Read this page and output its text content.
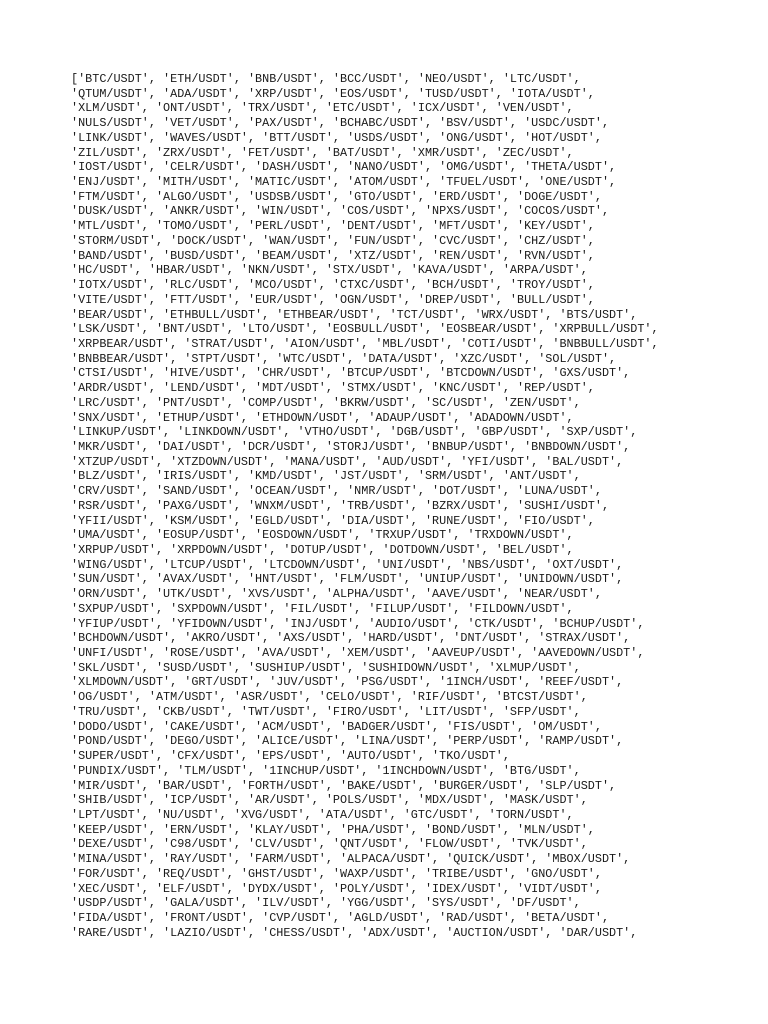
['BTC/USDT', 'ETH/USDT', 'BNB/USDT', 'BCC/USDT', 'NEO/USDT', 'LTC/USDT',
'QTUM/USDT', 'ADA/USDT', 'XRP/USDT', 'EOS/USDT', 'TUSD/USDT', 'IOTA/USDT',
'XLM/USDT', 'ONT/USDT', 'TRX/USDT', 'ETC/USDT', 'ICX/USDT', 'VEN/USDT',
'NULS/USDT', 'VET/USDT', 'PAX/USDT', 'BCHABC/USDT', 'BSV/USDT', 'USDC/USDT',
'LINK/USDT', 'WAVES/USDT', 'BTT/USDT', 'USDS/USDT', 'ONG/USDT', 'HOT/USDT',
'ZIL/USDT', 'ZRX/USDT', 'FET/USDT', 'BAT/USDT', 'XMR/USDT', 'ZEC/USDT',
'IOST/USDT', 'CELR/USDT', 'DASH/USDT', 'NANO/USDT', 'OMG/USDT', 'THETA/USDT',
'ENJ/USDT', 'MITH/USDT', 'MATIC/USDT', 'ATOM/USDT', 'TFUEL/USDT', 'ONE/USDT',
'FTM/USDT', 'ALGO/USDT', 'USDSB/USDT', 'GTO/USDT', 'ERD/USDT', 'DOGE/USDT',
'DUSK/USDT', 'ANKR/USDT', 'WIN/USDT', 'COS/USDT', 'NPXS/USDT', 'COCOS/USDT',
'MTL/USDT', 'TOMO/USDT', 'PERL/USDT', 'DENT/USDT', 'MFT/USDT', 'KEY/USDT',
'STORM/USDT', 'DOCK/USDT', 'WAN/USDT', 'FUN/USDT', 'CVC/USDT', 'CHZ/USDT',
'BAND/USDT', 'BUSD/USDT', 'BEAM/USDT', 'XTZ/USDT', 'REN/USDT', 'RVN/USDT',
'HC/USDT', 'HBAR/USDT', 'NKN/USDT', 'STX/USDT', 'KAVA/USDT', 'ARPA/USDT',
'IOTX/USDT', 'RLC/USDT', 'MCO/USDT', 'CTXC/USDT', 'BCH/USDT', 'TROY/USDT',
'VITE/USDT', 'FTT/USDT', 'EUR/USDT', 'OGN/USDT', 'DREP/USDT', 'BULL/USDT',
'BEAR/USDT', 'ETHBULL/USDT', 'ETHBEAR/USDT', 'TCT/USDT', 'WRX/USDT', 'BTS/USDT',
'LSK/USDT', 'BNT/USDT', 'LTO/USDT', 'EOSBULL/USDT', 'EOSBEAR/USDT', 'XRPBULL/USDT',
'XRPBEAR/USDT', 'STRAT/USDT', 'AION/USDT', 'MBL/USDT', 'COTI/USDT', 'BNBBULL/USDT',
'BNBBEAR/USDT', 'STPT/USDT', 'WTC/USDT', 'DATA/USDT', 'XZC/USDT', 'SOL/USDT',
'CTSI/USDT', 'HIVE/USDT', 'CHR/USDT', 'BTCUP/USDT', 'BTCDOWN/USDT', 'GXS/USDT',
'ARDR/USDT', 'LEND/USDT', 'MDT/USDT', 'STMX/USDT', 'KNC/USDT', 'REP/USDT',
'LRC/USDT', 'PNT/USDT', 'COMP/USDT', 'BKRW/USDT', 'SC/USDT', 'ZEN/USDT',
'SNX/USDT', 'ETHUP/USDT', 'ETHDOWN/USDT', 'ADAUP/USDT', 'ADADOWN/USDT',
'LINKUP/USDT', 'LINKDOWN/USDT', 'VTHO/USDT', 'DGB/USDT', 'GBP/USDT', 'SXP/USDT',
'MKR/USDT', 'DAI/USDT', 'DCR/USDT', 'STORJ/USDT', 'BNBUP/USDT', 'BNBDOWN/USDT',
'XTZUP/USDT', 'XTZDOWN/USDT', 'MANA/USDT', 'AUD/USDT', 'YFI/USDT', 'BAL/USDT',
'BLZ/USDT', 'IRIS/USDT', 'KMD/USDT', 'JST/USDT', 'SRM/USDT', 'ANT/USDT',
'CRV/USDT', 'SAND/USDT', 'OCEAN/USDT', 'NMR/USDT', 'DOT/USDT', 'LUNA/USDT',
'RSR/USDT', 'PAXG/USDT', 'WNXM/USDT', 'TRB/USDT', 'BZRX/USDT', 'SUSHI/USDT',
'YFII/USDT', 'KSM/USDT', 'EGLD/USDT', 'DIA/USDT', 'RUNE/USDT', 'FIO/USDT',
'UMA/USDT', 'EOSUP/USDT', 'EOSDOWN/USDT', 'TRXUP/USDT', 'TRXDOWN/USDT',
'XRPUP/USDT', 'XRPDOWN/USDT', 'DOTUP/USDT', 'DOTDOWN/USDT', 'BEL/USDT',
'WING/USDT', 'LTCUP/USDT', 'LTCDOWN/USDT', 'UNI/USDT', 'NBS/USDT', 'OXT/USDT',
'SUN/USDT', 'AVAX/USDT', 'HNT/USDT', 'FLM/USDT', 'UNIUP/USDT', 'UNIDOWN/USDT',
'ORN/USDT', 'UTK/USDT', 'XVS/USDT', 'ALPHA/USDT', 'AAVE/USDT', 'NEAR/USDT',
'SXPUP/USDT', 'SXPDOWN/USDT', 'FIL/USDT', 'FILUP/USDT', 'FILDOWN/USDT',
'YFIUP/USDT', 'YFIDOWN/USDT', 'INJ/USDT', 'AUDIO/USDT', 'CTK/USDT', 'BCHUP/USDT',
'BCHDOWN/USDT', 'AKRO/USDT', 'AXS/USDT', 'HARD/USDT', 'DNT/USDT', 'STRAX/USDT',
'UNFI/USDT', 'ROSE/USDT', 'AVA/USDT', 'XEM/USDT', 'AAVEUP/USDT', 'AAVEDOWN/USDT',
'SKL/USDT', 'SUSD/USDT', 'SUSHIUP/USDT', 'SUSHIDOWN/USDT', 'XLMUP/USDT',
'XLMDOWN/USDT', 'GRT/USDT', 'JUV/USDT', 'PSG/USDT', '1INCH/USDT', 'REEF/USDT',
'OG/USDT', 'ATM/USDT', 'ASR/USDT', 'CELO/USDT', 'RIF/USDT', 'BTCST/USDT',
'TRU/USDT', 'CKB/USDT', 'TWT/USDT', 'FIRO/USDT', 'LIT/USDT', 'SFP/USDT',
'DODO/USDT', 'CAKE/USDT', 'ACM/USDT', 'BADGER/USDT', 'FIS/USDT', 'OM/USDT',
'POND/USDT', 'DEGO/USDT', 'ALICE/USDT', 'LINA/USDT', 'PERP/USDT', 'RAMP/USDT',
'SUPER/USDT', 'CFX/USDT', 'EPS/USDT', 'AUTO/USDT', 'TKO/USDT',
'PUNDIX/USDT', 'TLM/USDT', '1INCHUP/USDT', '1INCHDOWN/USDT', 'BTG/USDT',
'MIR/USDT', 'BAR/USDT', 'FORTH/USDT', 'BAKE/USDT', 'BURGER/USDT', 'SLP/USDT',
'SHIB/USDT', 'ICP/USDT', 'AR/USDT', 'POLS/USDT', 'MDX/USDT', 'MASK/USDT',
'LPT/USDT', 'NU/USDT', 'XVG/USDT', 'ATA/USDT', 'GTC/USDT', 'TORN/USDT',
'KEEP/USDT', 'ERN/USDT', 'KLAY/USDT', 'PHA/USDT', 'BOND/USDT', 'MLN/USDT',
'DEXE/USDT', 'C98/USDT', 'CLV/USDT', 'QNT/USDT', 'FLOW/USDT', 'TVK/USDT',
'MINA/USDT', 'RAY/USDT', 'FARM/USDT', 'ALPACA/USDT', 'QUICK/USDT', 'MBOX/USDT',
'FOR/USDT', 'REQ/USDT', 'GHST/USDT', 'WAXP/USDT', 'TRIBE/USDT', 'GNO/USDT',
'XEC/USDT', 'ELF/USDT', 'DYDX/USDT', 'POLY/USDT', 'IDEX/USDT', 'VIDT/USDT',
'USDP/USDT', 'GALA/USDT', 'ILV/USDT', 'YGG/USDT', 'SYS/USDT', 'DF/USDT',
'FIDA/USDT', 'FRONT/USDT', 'CVP/USDT', 'AGLD/USDT', 'RAD/USDT', 'BETA/USDT',
'RARE/USDT', 'LAZIO/USDT', 'CHESS/USDT', 'ADX/USDT', 'AUCTION/USDT', 'DAR/USDT',
